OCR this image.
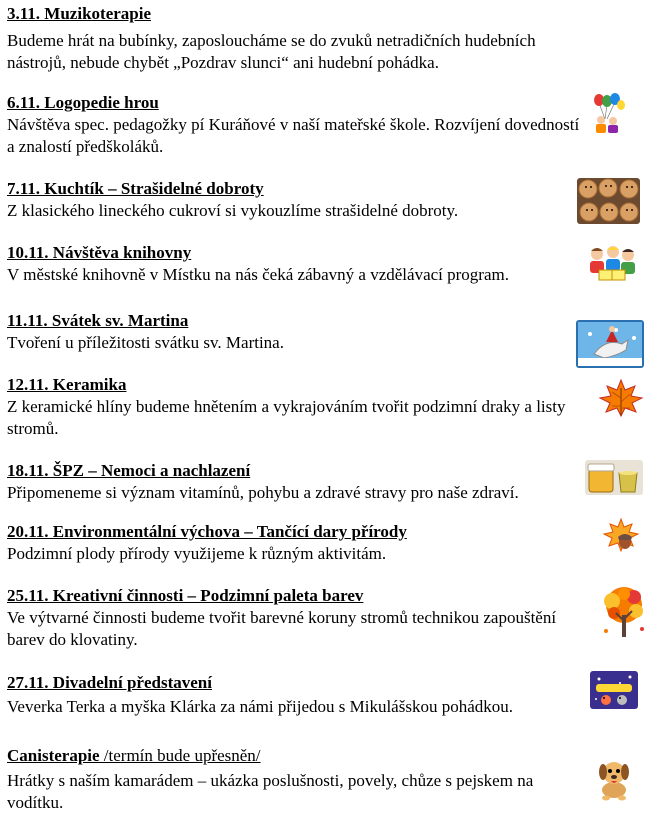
3.11. Muzikoterapie
Budeme hrát na bubínky, zaposloucháme se do zvuků netradičních hudebních nástrojů, nebude chybět „Pozdrav slunci“ ani hudební pohádka.
6.11. Logopedie hrou
Návštěva spec. pedagožky pí Kuráňové v naší mateřské škole. Rozvíjení dovedností a znalostí předškoláků.
7.11. Kuchtík – Strašidelné dobroty
Z klasického lineckého cukroví si vykouzlíme strašidelné dobroty.
10.11. Návštěva knihovny
V městské knihovně v Místku na nás čeká zábavný a vzdělávací program.
11.11. Svátek sv. Martina
Tvoření u příležitosti svátku sv. Martina.
12.11. Keramika
Z keramické hlíny budeme hnětením a vykrajováním tvořit podzimní draky a listy stromů.
18.11. ŠPZ – Nemoci a nachlazení
Připomeneme si význam vitamínů, pohybu a zdravé stravy pro naše zdraví.
20.11. Environmentální výchova – Tančící dary přírody
Podzimní plody přírody využijeme k různým aktivitám.
25.11. Kreativní činnosti – Podzimní paleta barev
Ve výtvarné činnosti budeme tvořit barevné koruny stromů technikou zapouštění barev do klovatiny.
27.11. Divadelní představení
Veverka Terka a myška Klárka za námi přijedou s Mikulášskou pohádkou.
Canisterapie /termín bude upřesněn/
Hrátky s naším kamarádem – ukázka poslušnosti, povely, chůze s pejskem na vodítku.
